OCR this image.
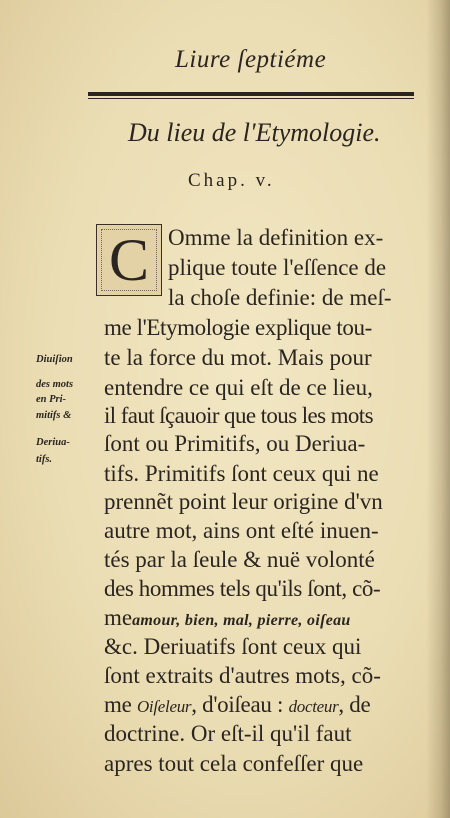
Liure ſeptiéme
Du lieu de l'Etymologie.
Chap. v.
C Omme la definition ex-
plique toute l'eſſence de
la choſe definie: de meſ-
me l'Etymologie explique tou-
te la force du mot. Mais pour
entendre ce qui eſt de ce lieu,
il faut ſçauoir que tous les mots
ſont ou Primitifs, ou Deriua-
tifs. Primitifs ſont ceux qui ne
prennẽt point leur origine d'vn
autre mot, ains ont eſté inuen-
tés par la ſeule & nuë volonté
des hommes tels qu'ils ſont, cõ-
meamour, bien, mal, pierre, oiſeau
&c. Deriuatifs ſont ceux qui
ſont extraits d'autres mots, cõ-
me Oiſeleur, d'oiſeau : docteur, de
doctrine. Or eſt-il qu'il faut
apres tout cela confeſſer que
Diuiſion
des mots
en Pri-
mitifs &
Deriua-
tifs.
